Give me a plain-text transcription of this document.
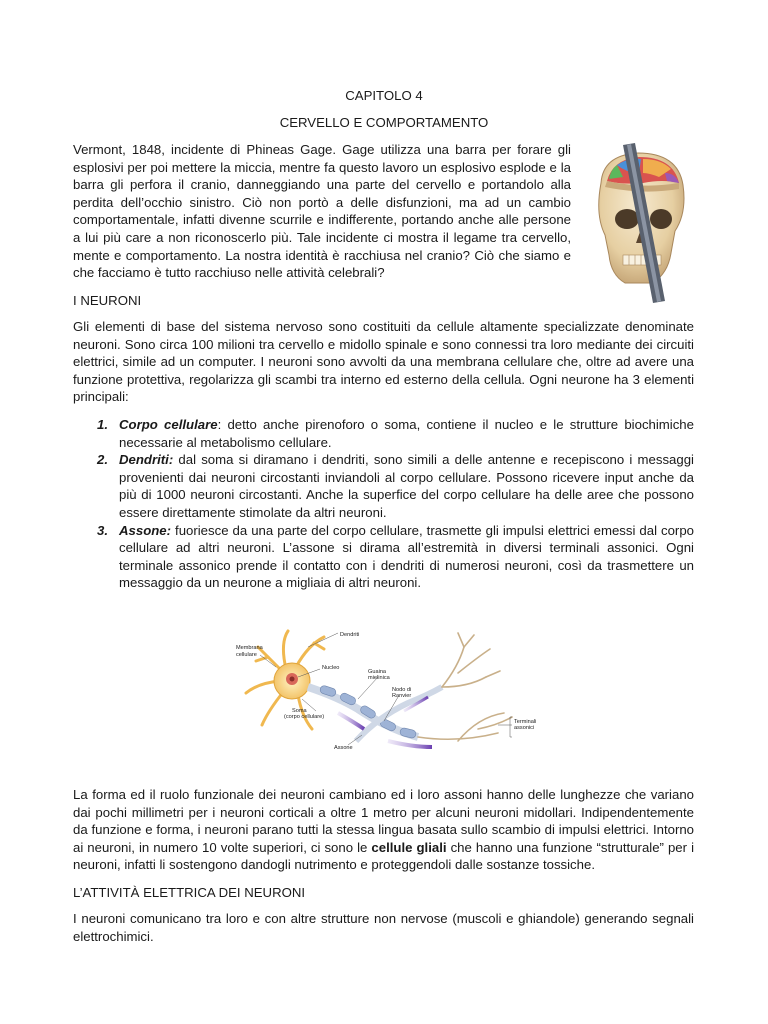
CAPITOLO 4
CERVELLO E COMPORTAMENTO

Vermont, 1848, incidente di Phineas Gage. Gage utilizza una barra per forare gli esplosivi per poi mettere la miccia, mentre fa questo lavoro un esplosivo esplode e la barra gli perfora il cranio, danneggiando una parte del cervello e portandolo alla perdita dell’occhio sinistro. Ciò non portò a delle disfunzioni, ma ad un cambio comportamentale, infatti divenne scurrile e indifferente, portando anche alle persone a lui più care a non riconoscerlo più. Tale incidente ci mostra il legame tra cervello, mente e comportamento. La nostra identità è racchiusa nel cranio? Ciò che siamo e che facciamo è tutto racchiuso nelle attività celebrali?

I NEURONI

Gli elementi di base del sistema nervoso sono costituiti da cellule altamente specializzate denominate neuroni. Sono circa 100 milioni tra cervello e midollo spinale e sono connessi tra loro mediante dei circuiti elettrici, simile ad un computer. I neuroni sono avvolti da una membrana cellulare che, oltre ad avere una funzione protettiva, regolarizza gli scambi tra interno ed esterno della cellula. Ogni neurone ha 3 elementi principali:

1. Corpo cellulare: detto anche pirenoforo o soma, contiene il nucleo e le strutture biochimiche necessarie al metabolismo cellulare.
2. Dendriti: dal soma si diramano i dendriti, sono simili a delle antenne e recepiscono i messaggi provenienti dai neuroni circostanti inviandoli al corpo cellulare. Possono ricevere input anche da più di 1000 neuroni circostanti. Anche la superfice del corpo cellulare ha delle aree che possono essere direttamente stimolate da altri neuroni.
3. Assone: fuoriesce da una parte del corpo cellulare, trasmette gli impulsi elettrici emessi dal corpo cellulare ad altri neuroni. L’assone si dirama all’estremità in diversi terminali assonici. Ogni terminale assonico prende il contatto con i dendriti di numerosi neuroni, così da trasmettere un messaggio da un neurone a migliaia di altri neuroni.
Dendriti
Membrana
cellulare
Nucleo
Guaina
mielinica
Nodo di
Ranvier
Soma
(corpo cellulare)
Terminali
assonici
Assone

La forma ed il ruolo funzionale dei neuroni cambiano ed i loro assoni hanno delle lunghezze che variano dai pochi millimetri per i neuroni corticali a oltre 1 metro per alcuni neuroni midollari. Indipendentemente da funzione e forma, i neuroni parano tutti la stessa lingua basata sullo scambio di impulsi elettrici. Intorno ai neuroni, in numero 10 volte superiori, ci sono le cellule gliali che hanno una funzione “strutturale” per i neuroni, infatti li sostengono dandogli nutrimento e proteggendoli dalle sostanze tossiche.

L’ATTIVITÀ ELETTRICA DEI NEURONI

I neuroni comunicano tra loro e con altre strutture non nervose (muscoli e ghiandole) generando segnali elettrochimici.
